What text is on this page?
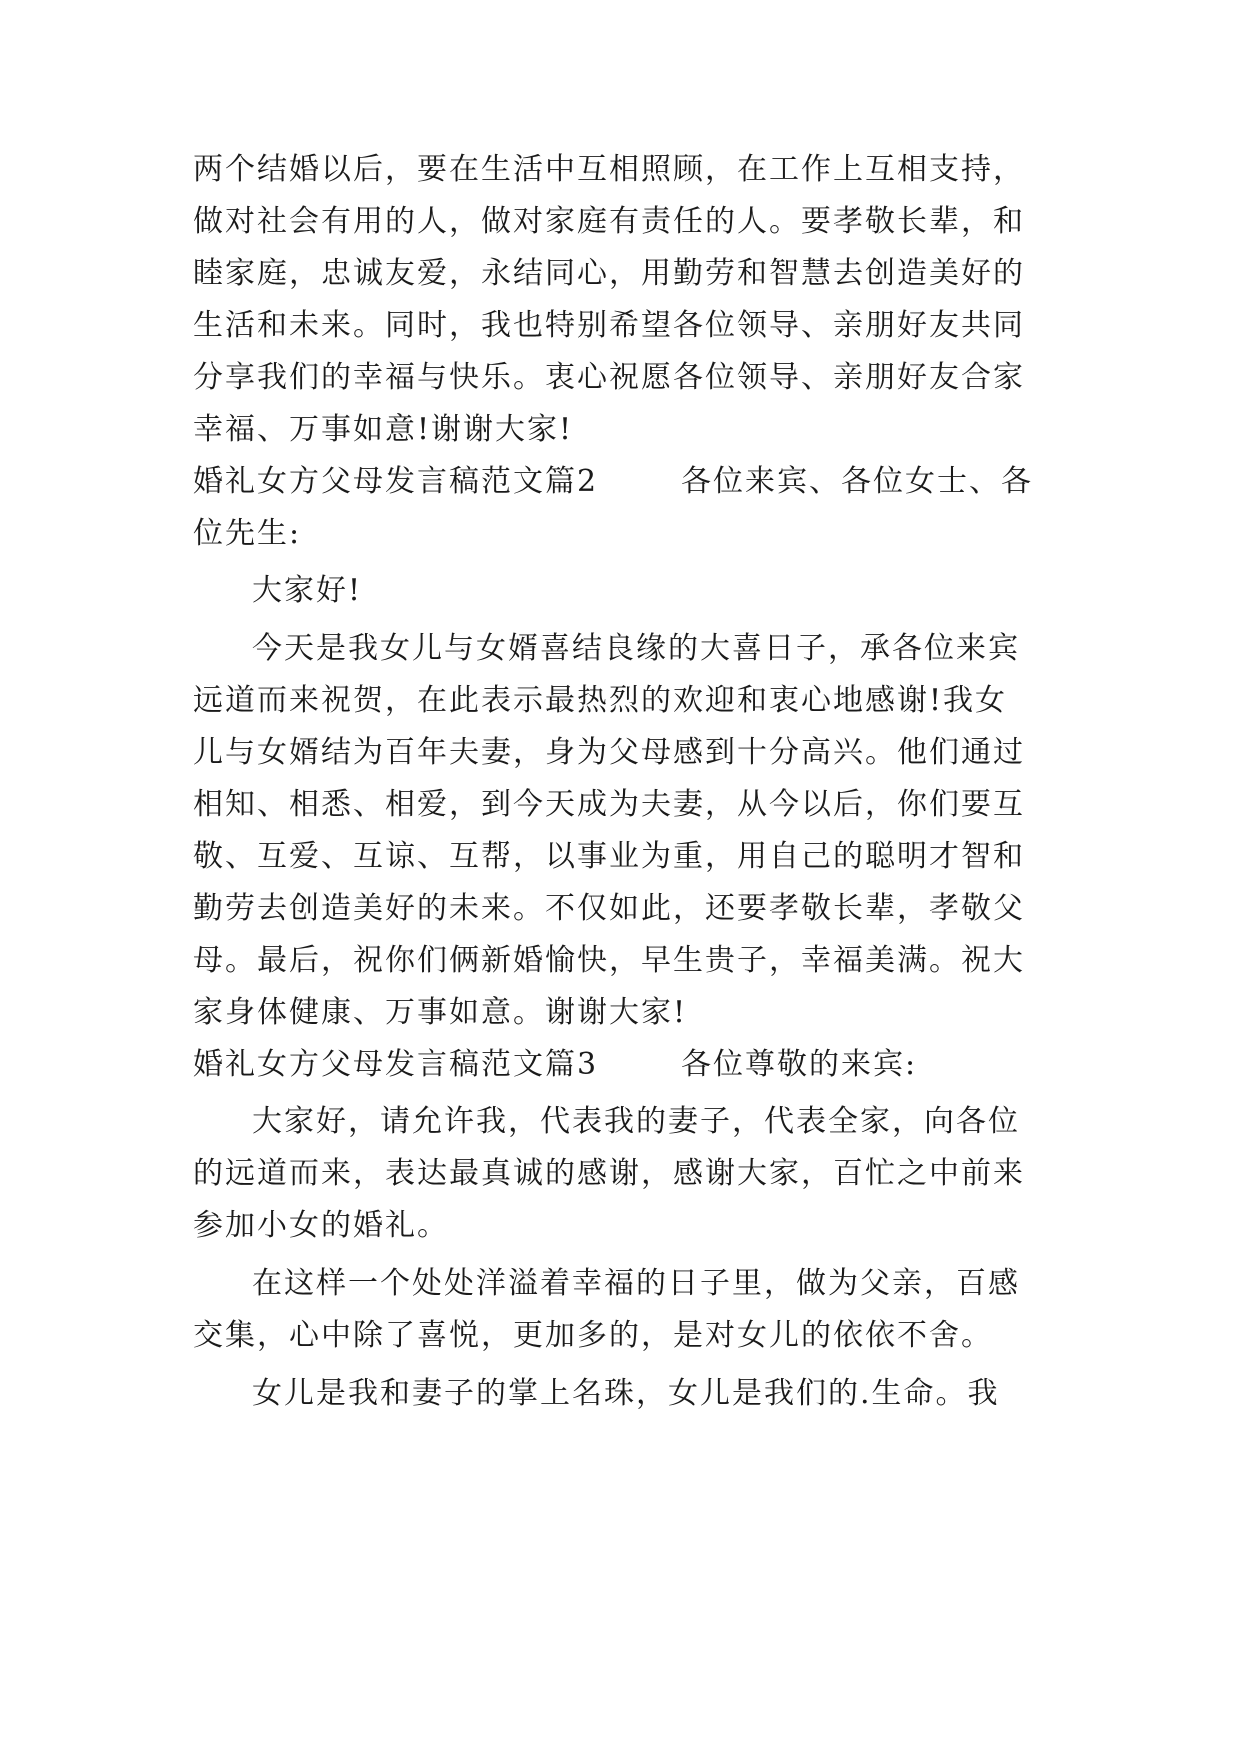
两个结婚以后，要在生活中互相照顾，在工作上互相支持，
做对社会有用的人，做对家庭有责任的人。要孝敬长辈，和
睦家庭，忠诚友爱，永结同心，用勤劳和智慧去创造美好的
生活和未来。同时，我也特别希望各位领导、亲朋好友共同
分享我们的幸福与快乐。衷心祝愿各位领导、亲朋好友合家
幸福、万事如意!谢谢大家!
婚礼女方父母发言稿范文篇2	各位来宾、各位女士、各
位先生:
大家好!
今天是我女儿与女婿喜结良缘的大喜日子，承各位来宾
远道而来祝贺，在此表示最热烈的欢迎和衷心地感谢!我女
儿与女婿结为百年夫妻，身为父母感到十分高兴。他们通过
相知、相悉、相爱，到今天成为夫妻，从今以后，你们要互
敬、互爱、互谅、互帮，以事业为重，用自己的聪明才智和
勤劳去创造美好的未来。不仅如此，还要孝敬长辈，孝敬父
母。最后，祝你们俩新婚愉快，早生贵子，幸福美满。祝大
家身体健康、万事如意。谢谢大家!
婚礼女方父母发言稿范文篇3	各位尊敬的来宾:
大家好，请允许我，代表我的妻子，代表全家，向各位
的远道而来，表达最真诚的感谢，感谢大家，百忙之中前来
参加小女的婚礼。
在这样一个处处洋溢着幸福的日子里，做为父亲，百感
交集，心中除了喜悦，更加多的，是对女儿的依依不舍。
女儿是我和妻子的掌上名珠，女儿是我们的.生命。我
